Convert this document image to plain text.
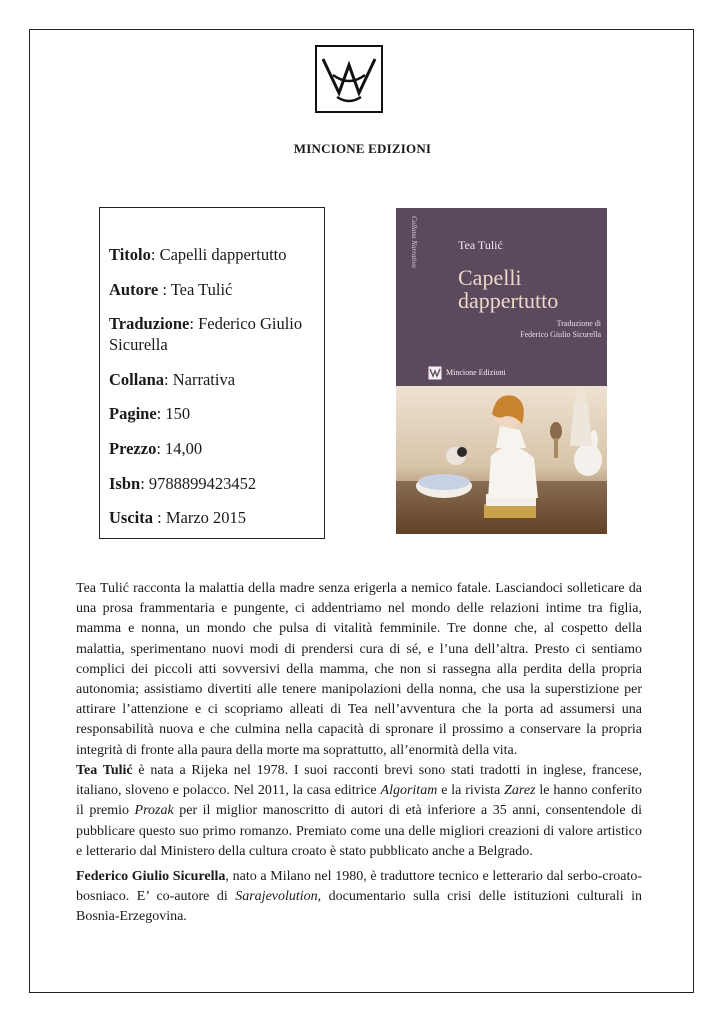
MINCIONE EDIZIONI
Titolo: Capelli dappertutto
Autore : Tea Tulić
Traduzione: Federico Giulio Sicurella
Collana: Narrativa
Pagine: 150
Prezzo: 14,00
Isbn: 9788899423452
Uscita : Marzo 2015
Collana Narrativa	Tea Tulić
Capelli
dappertutto
Traduzione di
Federico Giulio Sicurella
Mincione Edizioni

Tea Tulić racconta la malattia della madre senza erigerla a nemico fatale. Lasciandoci solleticare da una prosa frammentaria e pungente, ci addentriamo nel mondo delle relazioni intime tra figlia, mamma e nonna, un mondo che pulsa di vitalità femminile. Tre donne che, al cospetto della malattia, sperimentano nuovi modi di prendersi cura di sé, e l’una dell’altra. Presto ci sentiamo complici dei piccoli atti sovversivi della mamma, che non si rassegna alla perdita della propria autonomia; assistiamo divertiti alle tenere manipolazioni della nonna, che usa la superstizione per attirare l’attenzione e ci scopriamo alleati di Tea nell’avventura che la porta ad assumersi una responsabilità nuova e che culmina nella capacità di spronare il prossimo a conservare la propria integrità di fronte alla paura della morte ma soprattutto, all’enormità della vita.

Tea Tulić è nata a Rijeka nel 1978. I suoi racconti brevi sono stati tradotti in inglese, francese, italiano, sloveno e polacco. Nel 2011, la casa editrice Algoritam e la rivista Zarez le hanno conferito il premio Prozak per il miglior manoscritto di autori di età inferiore a 35 anni, consentendole di pubblicare questo suo primo romanzo. Premiato come una delle migliori creazioni di valore artistico e letterario dal Ministero della cultura croato è stato pubblicato anche a Belgrado.

Federico Giulio Sicurella, nato a Milano nel 1980, è traduttore tecnico e letterario dal serbo-croato-bosniaco. E’ co-autore di Sarajevolution, documentario sulla crisi delle istituzioni culturali in Bosnia-Erzegovina.
